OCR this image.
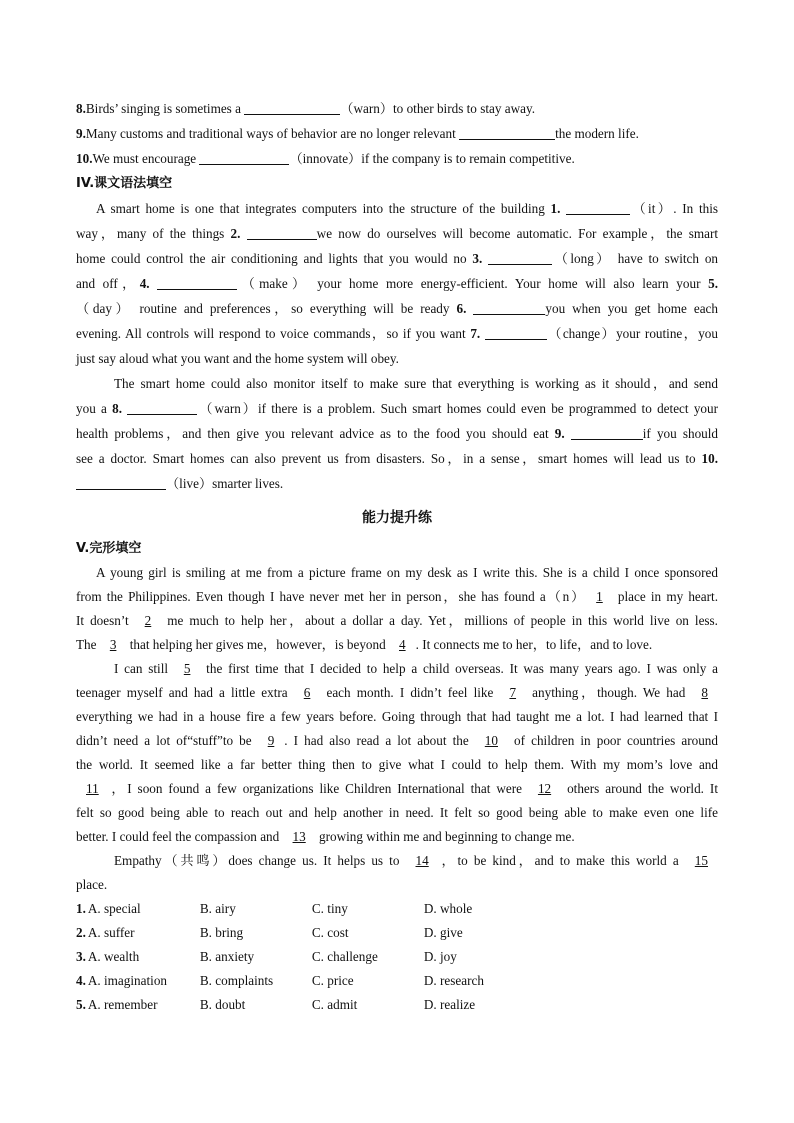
8.Birds’ singing is sometimes a	（warn）to other birds to stay away.
9.Many customs and traditional ways of behavior are no longer relevant	the modern life.
10.We must encourage	（innovate）if the company is to remain competitive.
IV.课文语法填空
A smart home is one that integrates computers into the structure of the building 1.	（it）. In this
way，many of the things 2.	we now do ourselves will become automatic. For example，the smart
home could control the air conditioning and lights that you would no 3.	（long） have to switch on
and off，4.	（make） your home more energy-efficient. Your home will also learn your 5.
（day） routine and preferences，so everything will be ready 6.	you when you get home each
evening. All controls will respond to voice commands，so if you want 7.	（change）your routine，you
just say aloud what you want and the home system will obey.
The smart home could also monitor itself to make sure that everything is working as it should，and send
you a 8.	（warn）if there is a problem. Such smart homes could even be programmed to detect your
health problems，and then give you relevant advice as to the food you should eat 9.	if you should
see a doctor. Smart homes can also prevent us from disasters. So，in a sense，smart homes will lead us to 10.
（live）smarter lives.
能力提升练
V.完形填空
A young girl is smiling at me from a picture frame on my desk as I write this. She is a child I once sponsored
from the Philippines. Even though I have never met her in person，she has found a（n） 1 place in my heart.
It doesn’t 2 me much to help her，about a dollar a day. Yet，millions of people in this world live on less.
The 3 that helping her gives me，however，is beyond 4 . It connects me to her，to life，and to love.
I can still 5 the first time that I decided to help a child overseas. It was many years ago. I was only a
teenager myself and had a little extra 6 each month. I didn’t feel like 7 anything，though. We had 8
everything we had in a house fire a few years before. Going through that had taught me a lot. I had learned that I
didn’t need a lot of“stuff”to be 9 . I had also read a lot about the 10 of children in poor countries around
the world. It seemed like a far better thing then to give what I could to help them. With my mom’s love and
11 ，I soon found a few organizations like Children International that were 12 others around the world. It
felt so good being able to reach out and help another in need. It felt so good being able to make even one life
better. I could feel the compassion and 13 growing within me and beginning to change me.
Empathy（共鸣）does change us. It helps us to 14 ，to be kind，and to make this world a 15
place.
1. A. special	B. airy	C. tiny	D. whole
2. A. suffer	B. bring	C. cost	D. give
3. A. wealth	B. anxiety	C. challenge	D. joy
4. A. imagination	B. complaints	C. price	D. research
5. A. remember	B. doubt	C. admit	D. realize
